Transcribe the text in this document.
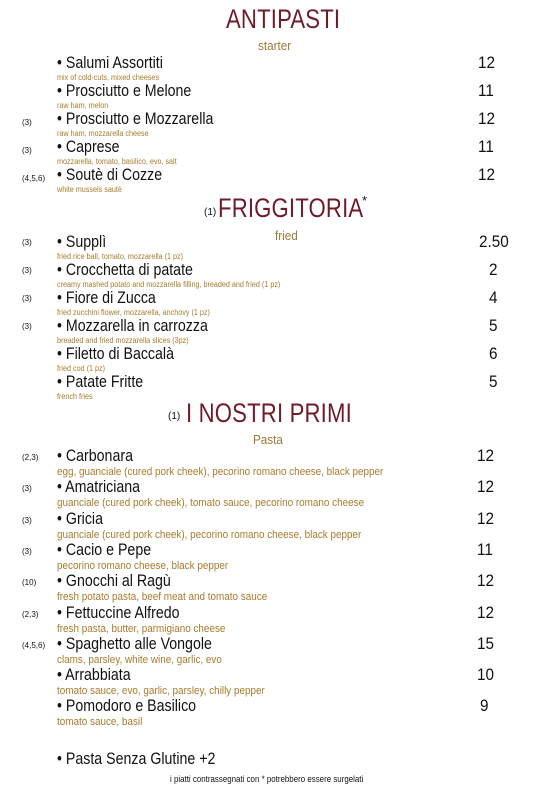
ANTIPASTI
starter
• Salumi Assortiti
mix of cold-cuts, mixed cheeses
12
• Prosciutto e Melone
raw ham, melon
11
(3) • Prosciutto e Mozzarella
raw ham, mozzarella cheese
12
(3) • Caprese
mozzarella, tomato, basilico, evo, salt
11
(4,5,6) • Soutè di Cozze
white mussels sautè
12
(1) FRIGGITORIA
*
fried
(3) • Supplì
fried rice ball, tomato, mozzarella (1 pz)
2.50
(3) • Crocchetta di patate
creamy mashed potato and mozzarella filling, breaded and fried (1 pz)
2
(3) • Fiore di Zucca
fried zucchini flower, mozzarella, anchovy (1 pz)
4
(3) • Mozzarella in carrozza
breaded and fried mozzarella slices (3pz)
5
• Filetto di Baccalà
fried cod (1 pz)
6
• Patate Fritte
french fries
5
(1) I NOSTRI PRIMI
Pasta
(2,3) • Carbonara
egg, guanciale (cured pork cheek), pecorino romano cheese, black pepper
12
(3) • Amatriciana
guanciale (cured pork cheek), tomato sauce, pecorino romano cheese
12
(3) • Gricia
guanciale (cured pork cheek), pecorino romano cheese, black pepper
12
(3) • Cacio e Pepe
pecorino romano cheese, black pepper
11
(10) • Gnocchi al Ragù
fresh potato pasta, beef meat and tomato sauce
12
(2,3) • Fettuccine Alfredo
fresh pasta, butter, parmigiano cheese
12
(4,5,6) • Spaghetto alle Vongole
clams, parsley, white wine, garlic, evo
15
• Arrabbiata
tomato sauce, evo, garlic, parsley, chilly pepper
10
• Pomodoro e Basilico
tomato sauce, basil
9
• Pasta Senza Glutine +2
i piatti contrassegnati con * potrebbero essere surgelati
